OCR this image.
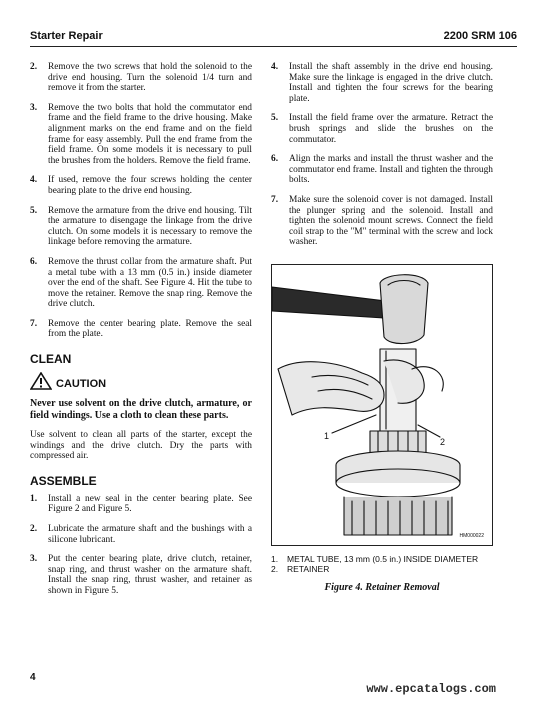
Starter Repair	2200 SRM 106
2.	Remove the two screws that hold the solenoid to the drive end housing. Turn the solenoid 1/4 turn and remove it from the starter.
3.	Remove the two bolts that hold the commutator end frame and the field frame to the drive housing. Make alignment marks on the end frame and on the field frame for easy assembly. Pull the end frame from the field frame. On some models it is necessary to pull the brushes from the holders. Remove the field frame.
4.	If used, remove the four screws holding the center bearing plate to the drive end housing.
5.	Remove the armature from the drive end housing. Tilt the armature to disengage the linkage from the drive clutch. On some models it is necessary to remove the linkage before removing the armature.
6.	Remove the thrust collar from the armature shaft. Put a metal tube with a 13 mm (0.5 in.) inside diameter over the end of the shaft. See Figure 4. Hit the tube to move the retainer. Remove the snap ring. Remove the drive clutch.
7.	Remove the center bearing plate. Remove the seal from the plate.
CLEAN
CAUTION
Never use solvent on the drive clutch, armature, or field windings. Use a cloth to clean these parts.
Use solvent to clean all parts of the starter, except the windings and the drive clutch. Dry the parts with compressed air.
ASSEMBLE
1.	Install a new seal in the center bearing plate. See Figure 2 and Figure 5.
2.	Lubricate the armature shaft and the bushings with a silicone lubricant.
3.	Put the center bearing plate, drive clutch, retainer, snap ring, and thrust washer on the armature shaft. Install the snap ring, thrust washer, and retainer as shown in Figure 5.
4.	Install the shaft assembly in the drive end housing. Make sure the linkage is engaged in the drive clutch. Install and tighten the four screws for the bearing plate.
5.	Install the field frame over the armature. Retract the brush springs and slide the brushes on the commutator.
6.	Align the marks and install the thrust washer and the commutator end frame. Install and tighten the through bolts.
7.	Make sure the solenoid cover is not damaged. Install the plunger spring and the solenoid. Install and tighten the solenoid mount screws. Connect the field coil strap to the "M" terminal with the screw and lock washer.
1
2
HM000022
1.	METAL TUBE, 13 mm (0.5 in.) INSIDE DIAMETER
2.	RETAINER
Figure 4. Retainer Removal
4
www.epcatalogs.com
